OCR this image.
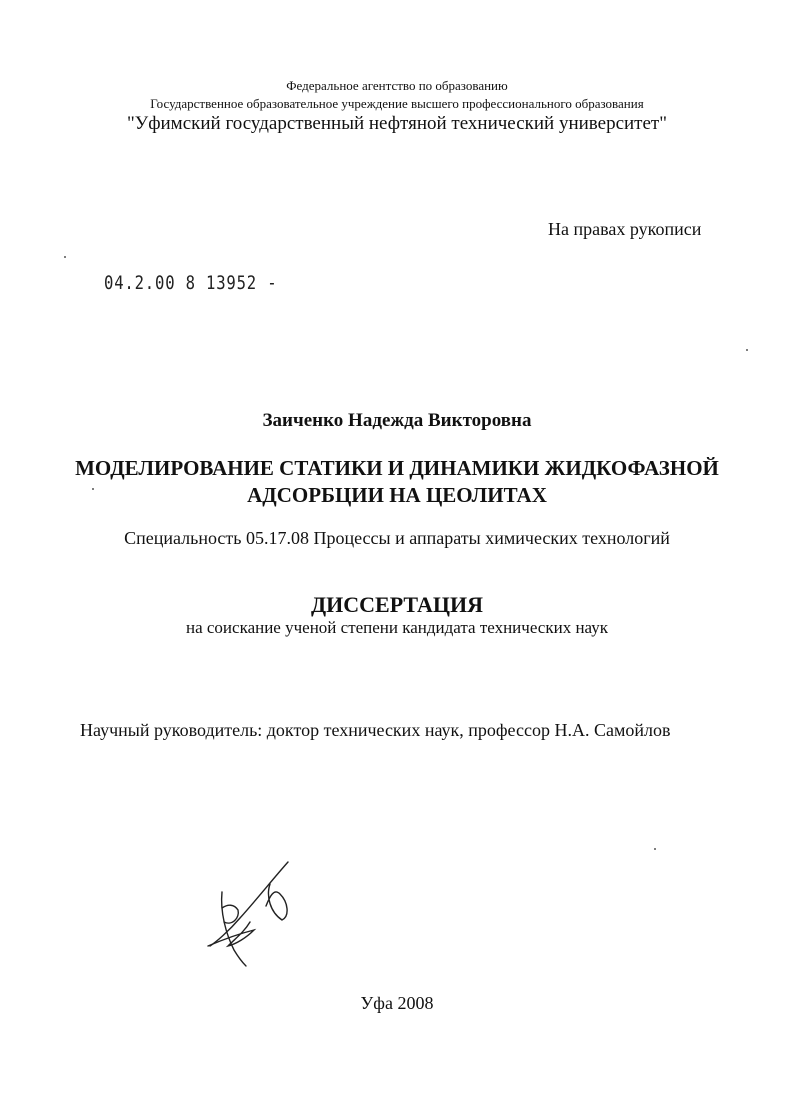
Федеральное агентство по образованию
Государственное образовательное учреждение высшего профессионального образования
"Уфимский государственный нефтяной технический университет"
На правах рукописи
04.2.00 8 13952 -
Заиченко Надежда Викторовна
МОДЕЛИРОВАНИЕ СТАТИКИ И ДИНАМИКИ ЖИДКОФАЗНОЙ
АДСОРБЦИИ НА ЦЕОЛИТАХ
Специальность 05.17.08 Процессы и аппараты химических технологий
ДИССЕРТАЦИЯ
на соискание ученой степени кандидата технических наук
Научный руководитель: доктор технических наук, профессор Н.А. Самойлов
Уфа 2008
